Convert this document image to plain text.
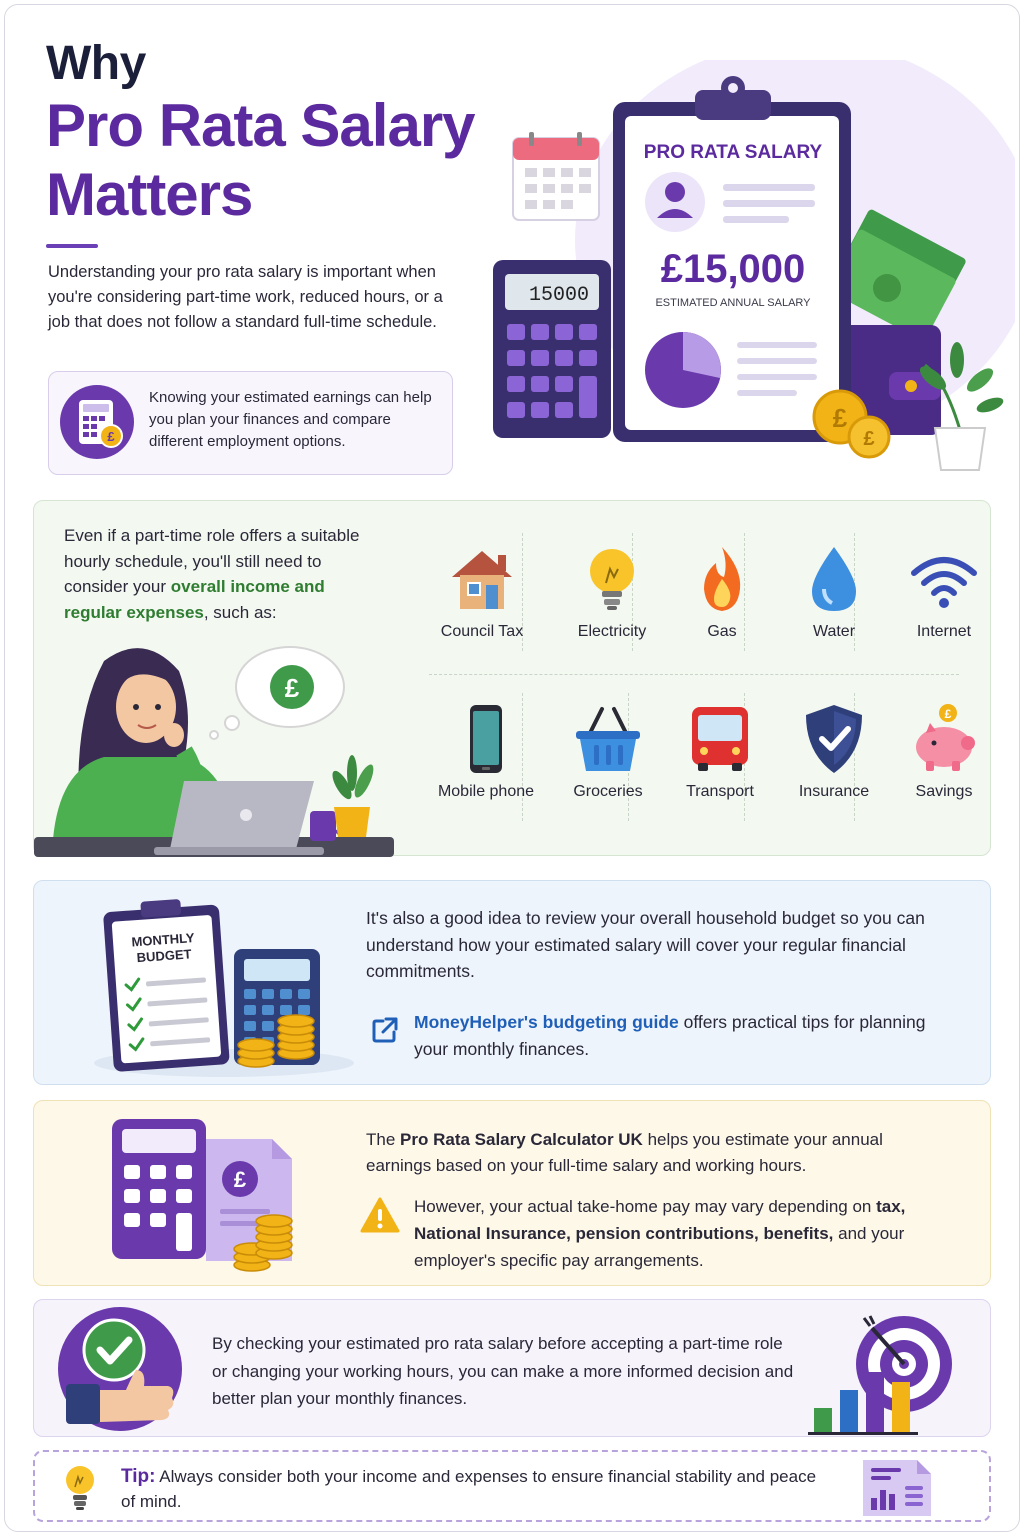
Why
Pro Rata Salary
Matters

Understanding your pro rata salary is important when you're considering part-time work, reduced hours, or a job that does not follow a standard full-time schedule.

£
Knowing your estimated earnings can help you plan your finances and compare different employment options.
15000
PRO RATA SALARY
£15,000
ESTIMATED ANNUAL SALARY
£
£

Even if a part-time role offers a suitable hourly schedule, you'll still need to consider your overall income and regular expenses, such as:

£
Council Tax	Electricity	Gas	Water	Internet
Mobile phone	Groceries	Transport	Insurance
£
Savings
MONTHLY
BUDGET

It's also a good idea to review your overall household budget so you can understand how your estimated salary will cover your regular financial commitments.

MoneyHelper's budgeting guide offers practical tips for planning your monthly finances.

£

The Pro Rata Salary Calculator UK helps you estimate your annual earnings based on your full-time salary and working hours.

However, your actual take-home pay may vary depending on tax, National Insurance, pension contributions, benefits, and your employer's specific pay arrangements.

By checking your estimated pro rata salary before accepting a part-time role or changing your working hours, you can make a more informed decision and better plan your monthly finances.

Tip: Always consider both your income and expenses to ensure financial stability and peace of mind.
